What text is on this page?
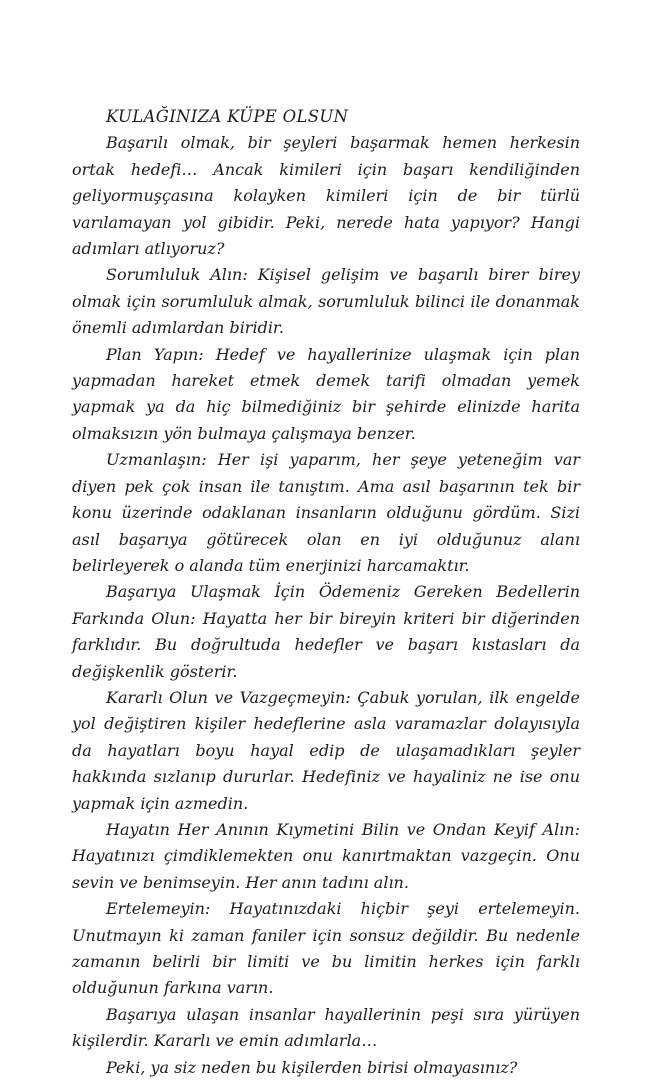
KULAĞINIZA KÜPE OLSUN

Başarılı olmak, bir şeyleri başarmak hemen herkesin ortak hedefi… Ancak kimileri için başarı kendiliğinden geliyormuşçasına kolayken kimileri için de bir türlü varılamayan yol gibidir. Peki, nerede hata yapıyor? Hangi adımları atlıyoruz?

Sorumluluk Alın: Kişisel gelişim ve başarılı birer birey olmak için sorumluluk almak, sorumluluk bilinci ile donanmak önemli adımlardan biridir.

Plan Yapın: Hedef ve hayallerinize ulaşmak için plan yapmadan hareket etmek demek tarifi olmadan yemek yapmak ya da hiç bilmediğiniz bir şehirde elinizde harita olmaksızın yön bulmaya çalışmaya benzer.

Uzmanlaşın: Her işi yaparım, her şeye yeteneğim var diyen pek çok insan ile tanıştım. Ama asıl başarının tek bir konu üzerinde odaklanan insanların olduğunu gördüm. Sizi asıl başarıya götürecek olan en iyi olduğunuz alanı belirleyerek o alanda tüm enerjinizi harcamaktır.

Başarıya Ulaşmak İçin Ödemeniz Gereken Bedellerin Farkında Olun: Hayatta her bir bireyin kriteri bir diğerinden farklıdır. Bu doğrultuda hedefler ve başarı kıstasları da değişkenlik gösterir.

Kararlı Olun ve Vazgeçmeyin: Çabuk yorulan, ilk engelde yol değiştiren kişiler hedeflerine asla varamazlar dolayısıyla da hayatları boyu hayal edip de ulaşamadıkları şeyler hakkında sızlanıp dururlar. Hedefiniz ve hayaliniz ne ise onu yapmak için azmedin.

Hayatın Her Anının Kıymetini Bilin ve Ondan Keyif Alın: Hayatınızı çimdiklemekten onu kanırtmaktan vazgeçin. Onu sevin ve benimseyin. Her anın tadını alın.

Ertelemeyin: Hayatınızdaki hiçbir şeyi ertelemeyin. Unutmayın ki zaman faniler için sonsuz değildir. Bu nedenle zamanın belirli bir limiti ve bu limitin herkes için farklı olduğunun farkına varın.

Başarıya ulaşan insanlar hayallerinin peşi sıra yürüyen kişilerdir. Kararlı ve emin adımlarla…

Peki, ya siz neden bu kişilerden birisi olmayasınız?
